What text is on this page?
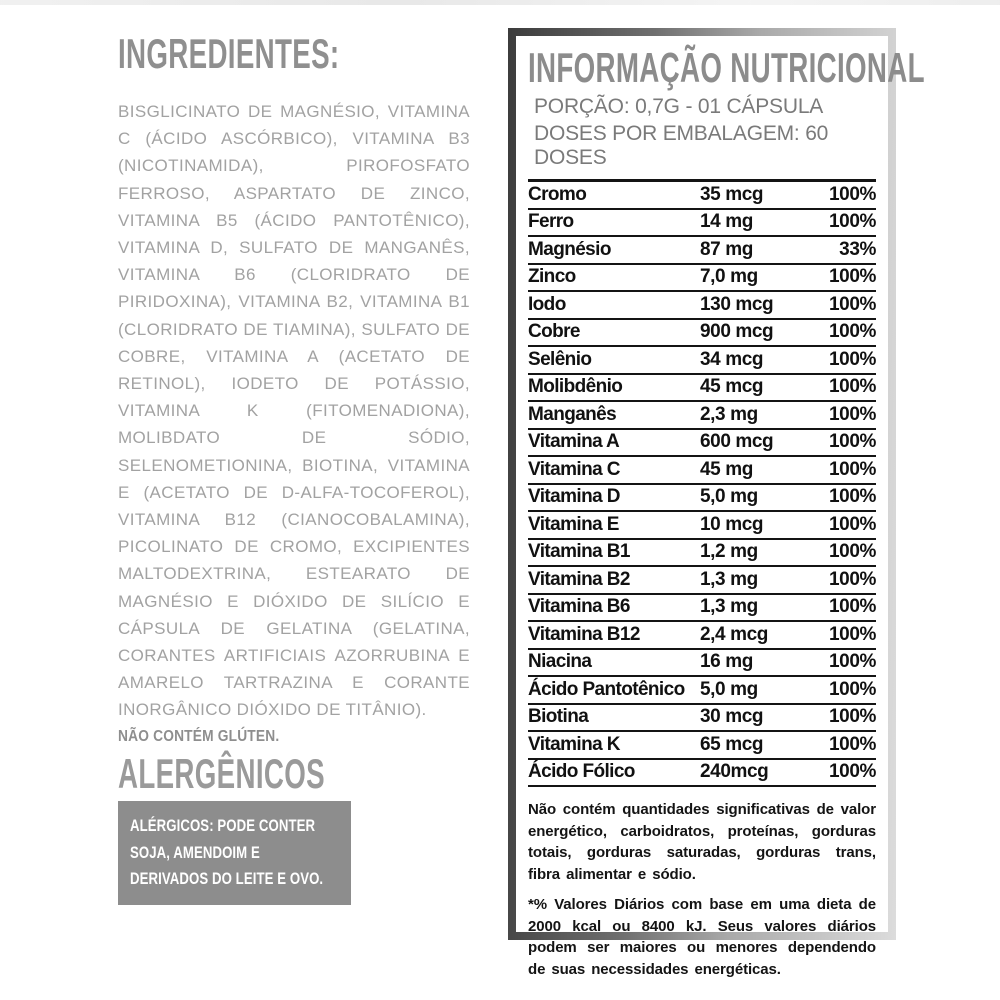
INGREDIENTES:

BISGLICINATO DE MAGNÉSIO, VITAMINA C (ÁCIDO ASCÓRBICO), VITAMINA B3 (NICOTINAMIDA), PIROFOSFATO FERROSO, ASPARTATO DE ZINCO, VITAMINA B5 (ÁCIDO PANTOTÊNICO), VITAMINA D, SULFATO DE MANGANÊS, VITAMINA B6 (CLORIDRATO DE PIRIDOXINA), VITAMINA B2, VITAMINA B1 (CLORIDRATO DE TIAMINA), SULFATO DE COBRE, VITAMINA A (ACETATO DE RETINOL), IODETO DE POTÁSSIO, VITAMINA K (FITOMENADIONA), MOLIBDATO DE SÓDIO, SELENOMETIONINA, BIOTINA, VITAMINA E (ACETATO DE D-ALFA-TOCOFEROL), VITAMINA B12 (CIANOCOBALAMINA), PICOLINATO DE CROMO, EXCIPIENTES MALTODEXTRINA, ESTEARATO DE MAGNÉSIO E DIÓXIDO DE SILÍCIO E CÁPSULA DE GELATINA (GELATINA, CORANTES ARTIFICIAIS AZORRUBINA E AMARELO TARTRAZINA E CORANTE INORGÂNICO DIÓXIDO DE TITÂNIO).

NÃO CONTÉM GLÚTEN.
ALERGÊNICOS
ALÉRGICOS: PODE CONTER SOJA, AMENDOIM E DERIVADOS DO LEITE E OVO.
INFORMAÇÃO NUTRICIONAL
PORÇÃO: 0,7G - 01 CÁPSULA
DOSES POR EMBALAGEM: 60 DOSES
Cromo	35 mcg	100%
Ferro	14 mg	100%
Magnésio	87 mg	33%
Zinco	7,0 mg	100%
Iodo	130 mcg	100%
Cobre	900 mcg	100%
Selênio	34 mcg	100%
Molibdênio	45 mcg	100%
Manganês	2,3 mg	100%
Vitamina A	600 mcg	100%
Vitamina C	45 mg	100%
Vitamina D	5,0 mg	100%
Vitamina E	10 mcg	100%
Vitamina B1	1,2 mg	100%
Vitamina B2	1,3 mg	100%
Vitamina B6	1,3 mg	100%
Vitamina B12	2,4 mcg	100%
Niacina	16 mg	100%
Ácido Pantotênico 5,0 mg	100%
Biotina	30 mcg	100%
Vitamina K	65 mcg	100%
Ácido Fólico	240mcg	100%

Não contém quantidades significativas de valor energético, carboidratos, proteínas, gorduras totais, gorduras saturadas, gorduras trans, fibra alimentar e sódio.

*% Valores Diários com base em uma dieta de 2000 kcal ou 8400 kJ. Seus valores diários podem ser maiores ou menores dependendo de suas necessidades energéticas.
